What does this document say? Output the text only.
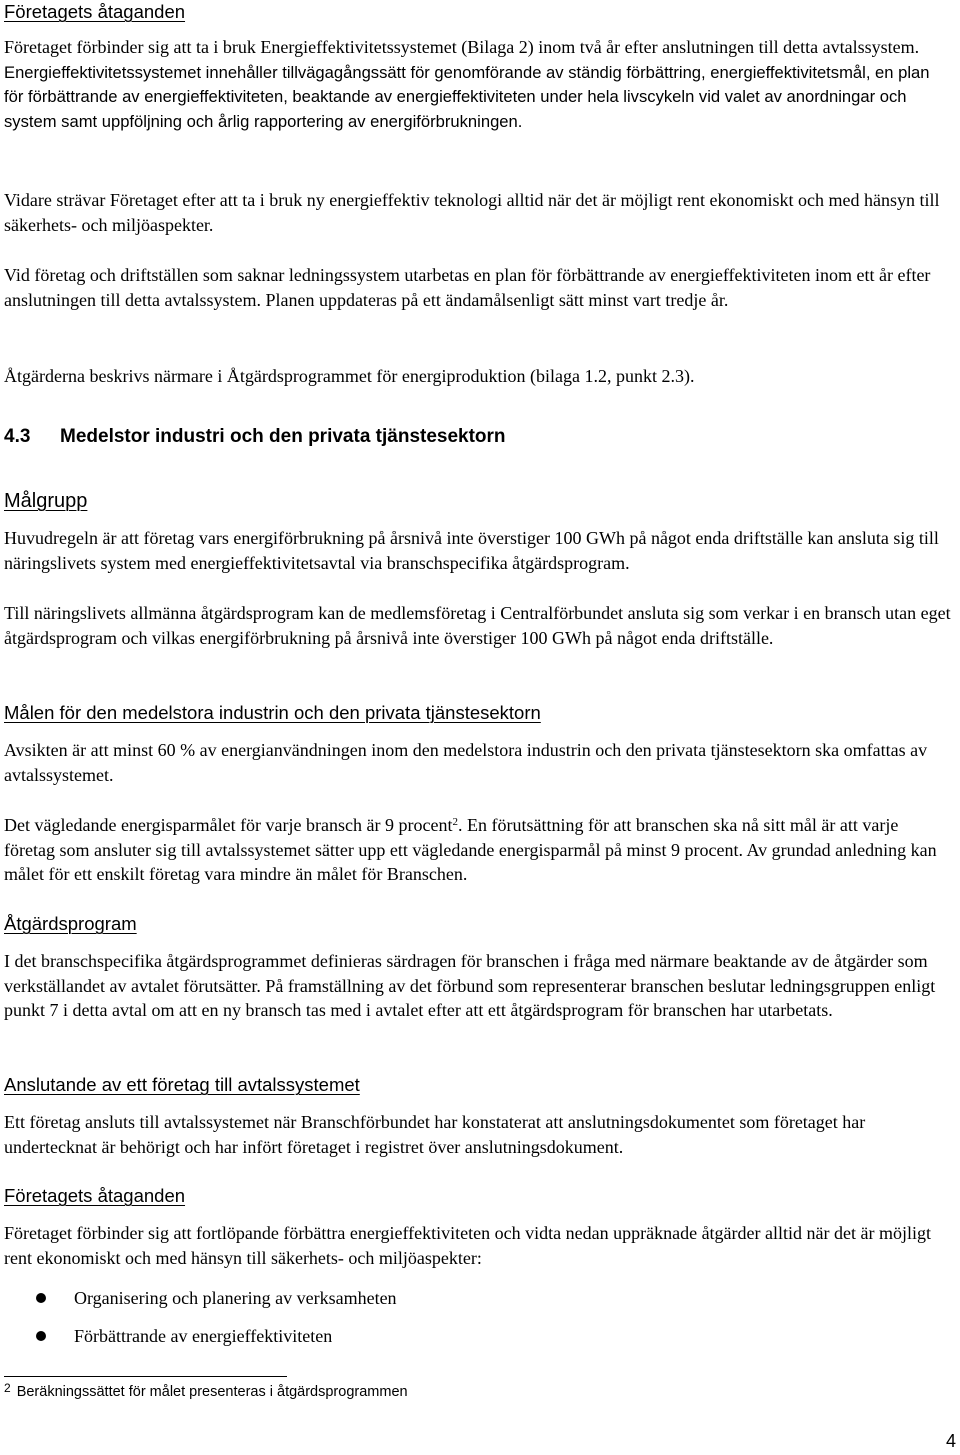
Företagets åtaganden
Företaget förbinder sig att ta i bruk Energieffektivitetssystemet (Bilaga 2) inom två år efter anslutningen till detta avtalssystem. Energieffektivitetssystemet innehåller tillvägagångssätt för genomförande av ständig förbättring, energieffektivitetsmål, en plan för förbättrande av energieffektiviteten, beaktande av energieffektiviteten under hela livscykeln vid valet av anordningar och system samt uppföljning och årlig rapportering av energiförbrukningen.
Vidare strävar Företaget efter att ta i bruk ny energieffektiv teknologi alltid när det är möjligt rent ekonomiskt och med hänsyn till säkerhets- och miljöaspekter.
Vid företag och driftställen som saknar ledningssystem utarbetas en plan för förbättrande av energieffektiviteten inom ett år efter anslutningen till detta avtalssystem. Planen uppdateras på ett ändamålsenligt sätt minst vart tredje år.
Åtgärderna beskrivs närmare i Åtgärdsprogrammet för energiproduktion (bilaga 1.2, punkt 2.3).
4.3 Medelstor industri och den privata tjänstesektorn
Målgrupp
Huvudregeln är att företag vars energiförbrukning på årsnivå inte överstiger 100 GWh på något enda driftställe kan ansluta sig till näringslivets system med energieffektivitetsavtal via branschspecifika åtgärdsprogram.
Till näringslivets allmänna åtgärdsprogram kan de medlemsföretag i Centralförbundet ansluta sig som verkar i en bransch utan eget åtgärdsprogram och vilkas energiförbrukning på årsnivå inte överstiger 100 GWh på något enda driftställe.
Målen för den medelstora industrin och den privata tjänstesektorn
Avsikten är att minst 60 % av energianvändningen inom den medelstora industrin och den privata tjänstesektorn ska omfattas av avtalssystemet.
Det vägledande energisparmålet för varje bransch är 9 procent$^2$. En förutsättning för att branschen ska nå sitt mål är att varje företag som ansluter sig till avtalssystemet sätter upp ett vägledande energisparmål på minst 9 procent. Av grundad anledning kan målet för ett enskilt företag vara mindre än målet för Branschen.
Åtgärdsprogram
I det branschspecifika åtgärdsprogrammet definieras särdragen för branschen i fråga med närmare beaktande av de åtgärder som verkställandet av avtalet förutsätter. På framställning av det förbund som representerar branschen beslutar ledningsgruppen enligt punkt 7 i detta avtal om att en ny bransch tas med i avtalet efter att ett åtgärdsprogram för branschen har utarbetats.
Anslutande av ett företag till avtalssystemet
Ett företag ansluts till avtalssystemet när Branschförbundet har konstaterat att anslutningsdokumentet som företaget har undertecknat är behörigt och har infört företaget i registret över anslutningsdokument.
Företagets åtaganden
Företaget förbinder sig att fortlöpande förbättra energieffektiviteten och vidta nedan uppräknade åtgärder alltid när det är möjligt rent ekonomiskt och med hänsyn till säkerhets- och miljöaspekter:
Organisering och planering av verksamheten
Förbättrande av energieffektiviteten
$^2$ Beräkningssättet för målet presenteras i åtgärdsprogrammen
4
